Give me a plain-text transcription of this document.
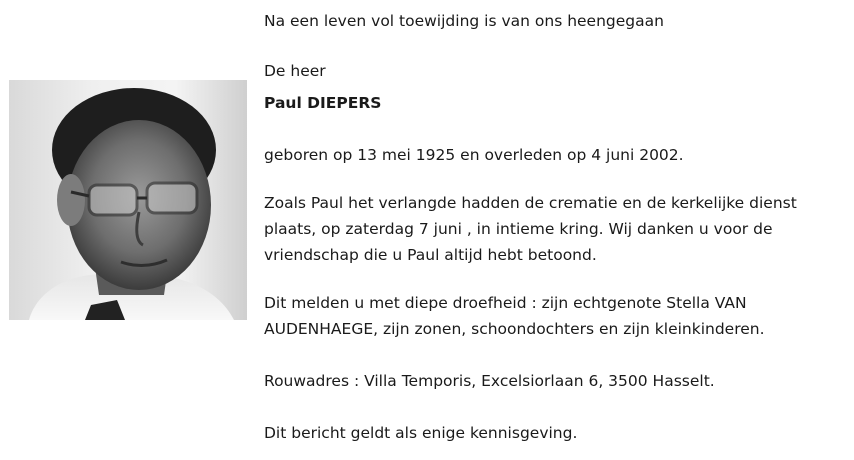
Na een leven vol toewijding is van ons heengegaan
De heer
Paul DIEPERS
geboren op 13 mei 1925 en overleden op 4 juni 2002.
Zoals Paul het verlangde hadden de crematie en de kerkelijke dienst plaats, op zaterdag 7 juni , in intieme kring. Wij danken u voor de vriendschap die u Paul altijd hebt betoond.
Dit melden u met diepe droefheid : zijn echtgenote Stella VAN AUDENHAEGE, zijn zonen, schoondochters en zijn kleinkinderen.
Rouwadres : Villa Temporis, Excelsiorlaan 6, 3500 Hasselt.
Dit bericht geldt als enige kennisgeving.
